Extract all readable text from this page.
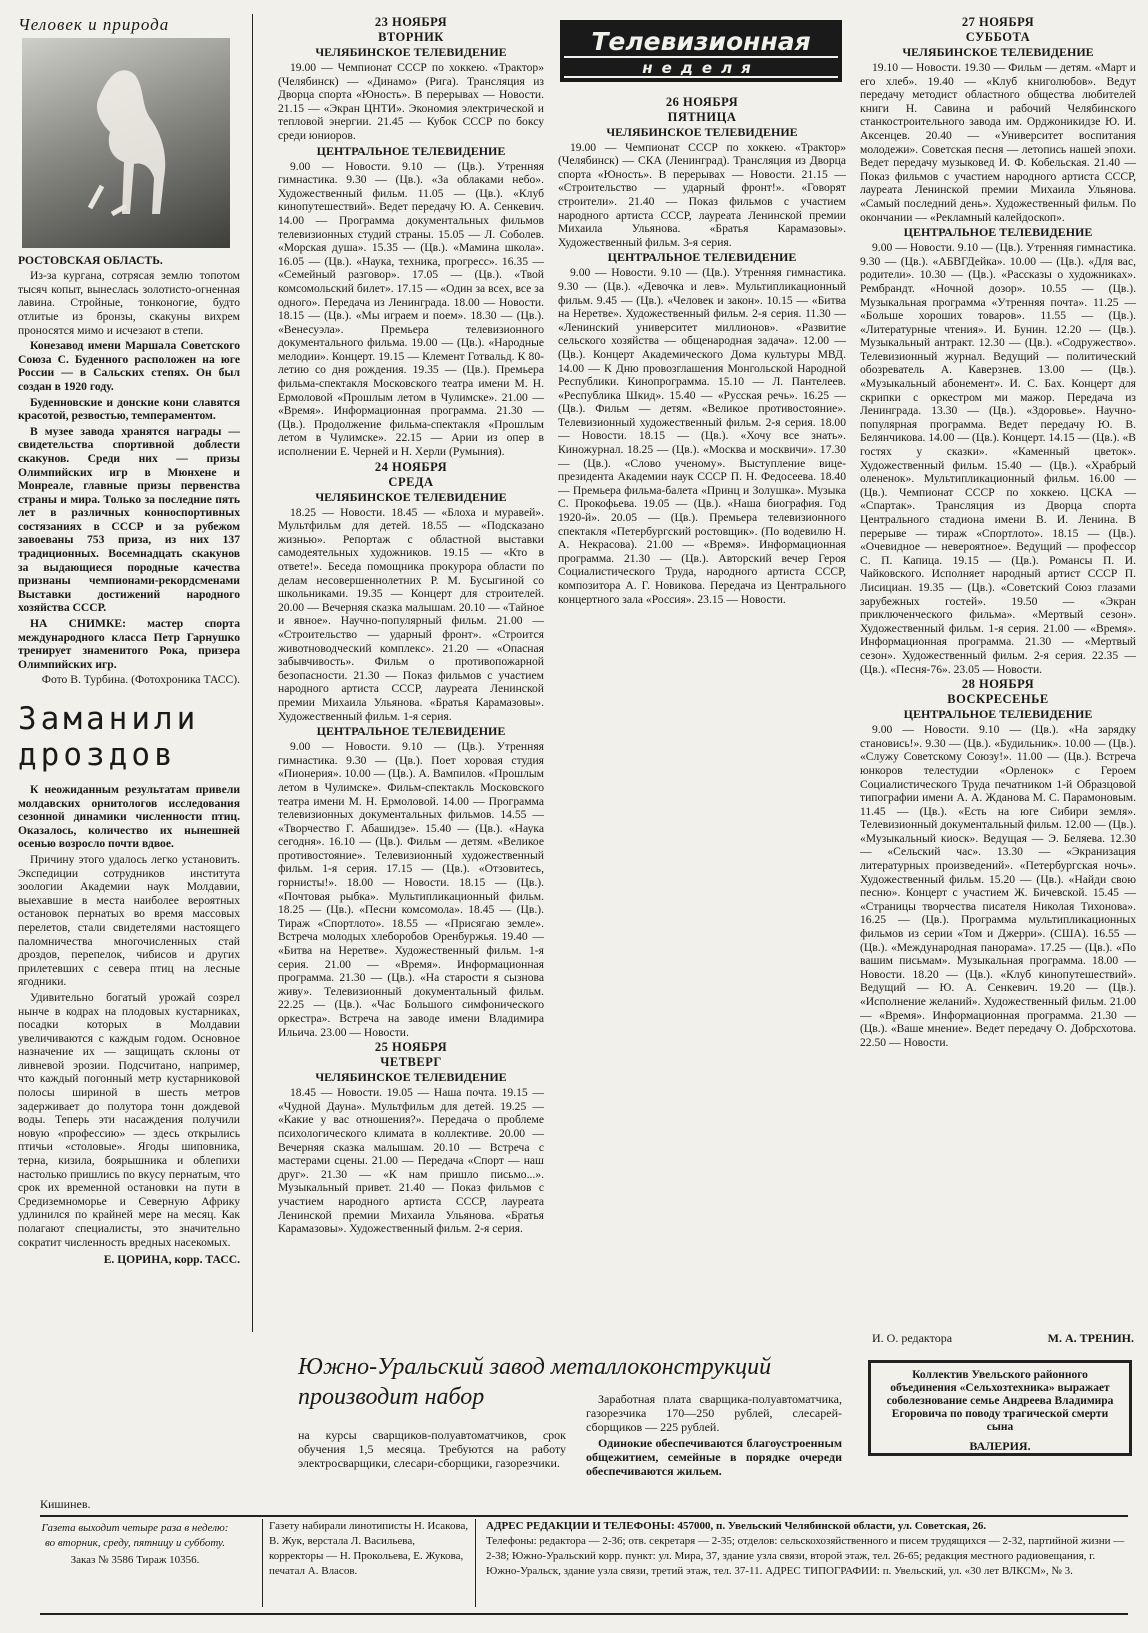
Человек и природа

РОСТОВСКАЯ ОБЛАСТЬ.

Из-за кургана, сотрясая землю топотом тысяч копыт, вынеслась золотисто-огненная лавина. Стройные, тонконогие, будто отлитые из бронзы, скакуны вихрем проносятся мимо и исчезают в степи.

Конезавод имени Маршала Советского Союза С. Буденного расположен на юге России — в Сальских степях. Он был создан в 1920 году.

Буденновские и донские кони славятся красотой, резвостью, темпераментом.

В музее завода хранятся награды — свидетельства спортивной доблести скакунов. Среди них — призы Олимпийских игр в Мюнхене и Монреале, главные призы первенства страны и мира. Только за последние пять лет в различных конноспортивных состязаниях в СССР и за рубежом завоеваны 753 приза, из них 137 традиционных. Восемнадцать скакунов за выдающиеся породные качества признаны чемпионами-рекордсменами Выставки достижений народного хозяйства СССР.

НА СНИМКЕ: мастер спорта международного класса Петр Гарнушко тренирует знаменитого Рока, призера Олимпийских игр.

Фото В. Турбина. (Фотохроника ТАСС).

Заманили дроздов

К неожиданным результатам привели молдавских орнитологов исследования сезонной динамики численности птиц. Оказалось, количество их нынешней осенью возросло почти вдвое.

Причину этого удалось легко установить. Экспедиции сотрудников института зоологии Академии наук Молдавии, выехавшие в места наиболее вероятных остановок пернатых во время массовых перелетов, стали свидетелями настоящего паломничества многочисленных стай дроздов, перепелок, чибисов и других прилетевших с севера птиц на лесные ягодники.

Удивительно богатый урожай созрел нынче в кодрах на плодовых кустарниках, посадки которых в Молдавии увеличиваются с каждым годом. Основное назначение их — защищать склоны от ливневой эрозии. Подсчитано, например, что каждый погонный метр кустарниковой полосы шириной в шесть метров задерживает до полутора тонн дождевой воды. Теперь эти насаждения получили новую «профессию» — здесь открылись птичьи «столовые». Ягоды шиповника, терна, кизила, боярышника и облепихи настолько пришлись по вкусу пернатым, что срок их временной остановки на пути в Средиземноморье и Северную Африку удлинился по крайней мере на месяц. Как полагают специалисты, это значительно сократит численность вредных насекомых.

Е. ЦОРИНА, корр. ТАСС.
Кишинев.
23 НОЯБРЯ
ВТОРНИК
ЧЕЛЯБИНСКОЕ ТЕЛЕВИДЕНИЕ

19.00 — Чемпионат СССР по хоккею. «Трактор» (Челябинск) — «Динамо» (Рига). Трансляция из Дворца спорта «Юность». В перерывах — Новости. 21.15 — «Экран ЦНТИ». Экономия электрической и тепловой энергии. 21.45 — Кубок СССР по боксу среди юниоров.

ЦЕНТРАЛЬНОЕ ТЕЛЕВИДЕНИЕ

9.00 — Новости. 9.10 — (Цв.). Утренняя гимнастика. 9.30 — (Цв.). «За облаками небо». Художественный фильм. 11.05 — (Цв.). «Клуб кинопутешествий». Ведет передачу Ю. А. Сенкевич. 14.00 — Программа документальных фильмов телевизионных студий страны. 15.05 — Л. Соболев. «Морская душа». 15.35 — (Цв.). «Мамина школа». 16.05 — (Цв.). «Наука, техника, прогресс». 16.35 — «Семейный разговор». 17.05 — (Цв.). «Твой комсомольский билет». 17.15 — «Один за всех, все за одного». Передача из Ленинграда. 18.00 — Новости. 18.15 — (Цв.). «Мы играем и поем». 18.30 — (Цв.). «Венесуэла». Премьера телевизионного документального фильма. 19.00 — (Цв.). «Народные мелодии». Концерт. 19.15 — Клемент Готвальд. К 80-летию со дня рождения. 19.35 — (Цв.). Премьера фильма-спектакля Московского театра имени М. Н. Ермоловой «Прошлым летом в Чулимске». 21.00 — «Время». Информационная программа. 21.30 — (Цв.). Продолжение фильма-спектакля «Прошлым летом в Чулимске». 22.15 — Арии из опер в исполнении Е. Черней и Н. Херли (Румыния).

24 НОЯБРЯ
СРЕДА
ЧЕЛЯБИНСКОЕ ТЕЛЕВИДЕНИЕ

18.25 — Новости. 18.45 — «Блоха и муравей». Мультфильм для детей. 18.55 — «Подсказано жизнью». Репортаж с областной выставки самодеятельных художников. 19.15 — «Кто в ответе!». Беседа помощника прокурора области по делам несовершеннолетних Р. М. Бусыгиной со школьниками. 19.35 — Концерт для строителей. 20.00 — Вечерняя сказка малышам. 20.10 — «Тайное и явное». Научно-популярный фильм. 21.00 — «Строительство — ударный фронт». «Строится животноводческий комплекс». 21.20 — «Опасная забывчивость». Фильм о противопожарной безопасности. 21.30 — Показ фильмов с участием народного артиста СССР, лауреата Ленинской премии Михаила Ульянова. «Братья Карамазовы». Художественный фильм. 1-я серия.

ЦЕНТРАЛЬНОЕ ТЕЛЕВИДЕНИЕ

9.00 — Новости. 9.10 — (Цв.). Утренняя гимнастика. 9.30 — (Цв.). Поет хоровая студия «Пионерия». 10.00 — (Цв.). А. Вампилов. «Прошлым летом в Чулимске». Фильм-спектакль Московского театра имени М. Н. Ермоловой. 14.00 — Программа телевизионных документальных фильмов. 14.55 — «Творчество Г. Абашидзе». 15.40 — (Цв.). «Наука сегодня». 16.10 — (Цв.). Фильм — детям. «Великое противостояние». Телевизионный художественный фильм. 1-я серия. 17.15 — (Цв.). «Отзовитесь, горнисты!». 18.00 — Новости. 18.15 — (Цв.). «Почтовая рыбка». Мультипликационный фильм. 18.25 — (Цв.). «Песни комсомола». 18.45 — (Цв.). Тираж «Спортлото». 18.55 — «Присягаю земле». Встреча молодых хлеборобов Оренбуржья. 19.40 — «Битва на Неретве». Художественный фильм. 1-я серия. 21.00 — «Время». Информационная программа. 21.30 — (Цв.). «На старости я сызнова живу». Телевизионный документальный фильм. 22.25 — (Цв.). «Час Большого симфонического оркестра». Встреча на заводе имени Владимира Ильича. 23.00 — Новости.

25 НОЯБРЯ
ЧЕТВЕРГ
ЧЕЛЯБИНСКОЕ ТЕЛЕВИДЕНИЕ

18.45 — Новости. 19.05 — Наша почта. 19.15 — «Чудной Дауна». Мультфильм для детей. 19.25 — «Какие у вас отношения?». Передача о проблеме психологического климата в коллективе. 20.00 — Вечерняя сказка малышам. 20.10 — Встреча с мастерами сцены. 21.00 — Передача «Спорт — наш друг». 21.30 — «К нам пришло письмо...». Музыкальный привет. 21.40 — Показ фильмов с участием народного артиста СССР, лауреата Ленинской премии Михаила Ульянова. «Братья Карамазовы». Художественный фильм. 2-я серия.

Телевизионная
неделя
26 НОЯБРЯ
ПЯТНИЦА
ЧЕЛЯБИНСКОЕ ТЕЛЕВИДЕНИЕ

19.00 — Чемпионат СССР по хоккею. «Трактор» (Челябинск) — СКА (Ленинград). Трансляция из Дворца спорта «Юность». В перерывах — Новости. 21.15 — «Строительство — ударный фронт!». «Говорят строители». 21.40 — Показ фильмов с участием народного артиста СССР, лауреата Ленинской премии Михаила Ульянова. «Братья Карамазовы». Художественный фильм. 3-я серия.

ЦЕНТРАЛЬНОЕ ТЕЛЕВИДЕНИЕ

9.00 — Новости. 9.10 — (Цв.). Утренняя гимнастика. 9.30 — (Цв.). «Девочка и лев». Мультипликационный фильм. 9.45 — (Цв.). «Человек и закон». 10.15 — «Битва на Неретве». Художественный фильм. 2-я серия. 11.30 — «Ленинский университет миллионов». «Развитие сельского хозяйства — общенародная задача». 12.00 — (Цв.). Концерт Академического Дома культуры МВД. 14.00 — К Дню провозглашения Монгольской Народной Республики. Кинопрограмма. 15.10 — Л. Пантелеев. «Республика Шкид». 15.40 — «Русская речь». 16.25 — (Цв.). Фильм — детям. «Великое противостояние». Телевизионный художественный фильм. 2-я серия. 18.00 — Новости. 18.15 — (Цв.). «Хочу все знать». Киножурнал. 18.25 — (Цв.). «Москва и москвичи». 17.30 — (Цв.). «Слово ученому». Выступление вице-президента Академии наук СССР П. Н. Федосеева. 18.40 — Премьера фильма-балета «Принц и Золушка». Музыка С. Прокофьева. 19.05 — (Цв.). «Наша биография. Год 1920-й». 20.05 — (Цв.). Премьера телевизионного спектакля «Петербургский ростовщик». (По водевилю Н. А. Некрасова). 21.00 — «Время». Информационная программа. 21.30 — (Цв.). Авторский вечер Героя Социалистического Труда, народного артиста СССР, композитора А. Г. Новикова. Передача из Центрального концертного зала «Россия». 23.15 — Новости.

27 НОЯБРЯ
СУББОТА
ЧЕЛЯБИНСКОЕ ТЕЛЕВИДЕНИЕ

19.10 — Новости. 19.30 — Фильм — детям. «Март и его хлеб». 19.40 — «Клуб книголюбов». Ведут передачу методист областного общества любителей книги Н. Савина и рабочий Челябинского станкостроительного завода им. Орджоникидзе Ю. И. Аксенцев. 20.40 — «Университет воспитания молодежи». Советская песня — летопись нашей эпохи. Ведет передачу музыковед И. Ф. Кобельская. 21.40 — Показ фильмов с участием народного артиста СССР, лауреата Ленинской премии Михаила Ульянова. «Самый последний день». Художественный фильм. По окончании — «Рекламный калейдоскоп».

ЦЕНТРАЛЬНОЕ ТЕЛЕВИДЕНИЕ

9.00 — Новости. 9.10 — (Цв.). Утренняя гимнастика. 9.30 — (Цв.). «АБВГДейка». 10.00 — (Цв.). «Для вас, родители». 10.30 — (Цв.). «Рассказы о художниках». Рембрандт. «Ночной дозор». 10.55 — (Цв.). Музыкальная программа «Утренняя почта». 11.25 — «Больше хороших товаров». 11.55 — (Цв.). «Литературные чтения». И. Бунин. 12.20 — (Цв.). Музыкальный антракт. 12.30 — (Цв.). «Содружество». Телевизионный журнал. Ведущий — политический обозреватель А. Каверзнев. 13.00 — (Цв.). «Музыкальный абонемент». И. С. Бах. Концерт для скрипки с оркестром ми мажор. Передача из Ленинграда. 13.30 — (Цв.). «Здоровье». Научно-популярная программа. Ведет передачу Ю. В. Белянчикова. 14.00 — (Цв.). Концерт. 14.15 — (Цв.). «В гостях у сказки». «Каменный цветок». Художественный фильм. 15.40 — (Цв.). «Храбрый олененок». Мультипликационный фильм. 16.00 — (Цв.). Чемпионат СССР по хоккею. ЦСКА — «Спартак». Трансляция из Дворца спорта Центрального стадиона имени В. И. Ленина. В перерыве — тираж «Спортлото». 18.15 — (Цв.). «Очевидное — невероятное». Ведущий — профессор С. П. Капица. 19.15 — (Цв.). Романсы П. И. Чайковского. Исполняет народный артист СССР П. Лисициан. 19.35 — (Цв.). «Советский Союз глазами зарубежных гостей». 19.50 — «Экран приключенческого фильма». «Мертвый сезон». Художественный фильм. 1-я серия. 21.00 — «Время». Информационная программа. 21.30 — «Мертвый сезон». Художественный фильм. 2-я серия. 22.35 — (Цв.). «Песня-76». 23.05 — Новости.

28 НОЯБРЯ
ВОСКРЕСЕНЬЕ
ЦЕНТРАЛЬНОЕ ТЕЛЕВИДЕНИЕ

9.00 — Новости. 9.10 — (Цв.). «На зарядку становись!». 9.30 — (Цв.). «Будильник». 10.00 — (Цв.). «Служу Советскому Союзу!». 11.00 — (Цв.). Встреча юнкоров телестудии «Орленок» с Героем Социалистического Труда печатником 1-й Образцовой типографии имени А. А. Жданова М. С. Парамоновым. 11.45 — (Цв.). «Есть на юге Сибири земля». Телевизионный документальный фильм. 12.00 — (Цв.). «Музыкальный киоск». Ведущая — Э. Беляева. 12.30 — «Сельский час». 13.30 — «Экранизация литературных произведений». «Петербургская ночь». Художественный фильм. 15.20 — (Цв.). «Найди свою песню». Концерт с участием Ж. Бичевской. 15.45 — «Страницы творчества писателя Николая Тихонова». 16.25 — (Цв.). Программа мультипликационных фильмов из серии «Том и Джерри». (США). 16.55 — (Цв.). «Международная панорама». 17.25 — (Цв.). «По вашим письмам». Музыкальная программа. 18.00 — Новости. 18.20 — (Цв.). «Клуб кинопутешествий». Ведущий — Ю. А. Сенкевич. 19.20 — (Цв.). «Исполнение желаний». Художественный фильм. 21.00 — «Время». Информационная программа. 21.30 — (Цв.). «Ваше мнение». Ведет передачу О. Добрсхотова. 22.50 — Новости.

И. О. редактора	М. А. ТРЕНИН.
Южно-Уральский завод металлоконструкций производит набор
на курсы сварщиков-полуавтоматчиков, срок обучения 1,5 месяца. Требуются на работу электросварщики, слесари-сборщики, газорезчики.

Заработная плата сварщика-полуавтоматчика, газорезчика 170—250 рублей, слесарей-сборщиков — 225 рублей.

Одинокие обеспечиваются благоустроенным общежитием, семейные в порядке очереди обеспечиваются жильем.

Коллектив Увельского районного объединения «Сельхозтехника» выражает соболезнование семье Андреева Владимира Егоровича по поводу трагической смерти сына
ВАЛЕРИЯ.
Газета выходит четыре раза в неделю: во вторник, среду, пятницу и субботу.
Заказ № 3586 Тираж 10356.
Газету набирали линотиписты Н. Исакова, В. Жук, верстала Л. Васильева, корректоры — Н. Прокольева, Е. Жукова, печатал А. Власов.
АДРЕС РЕДАКЦИИ И ТЕЛЕФОНЫ: 457000, п. Увельский Челябинской области, ул. Советская, 26.
Телефоны: редактора — 2-36; отв. секретаря — 2-35; отделов: сельскохозяйственного и писем трудящихся — 2-32, партийной жизни — 2-38; Южно-Уральский корр. пункт: ул. Мира, 37, здание узла связи, второй этаж, тел. 26-65; редакция местного радиовещания, г. Южно-Уральск, здание узла связи, третий этаж, тел. 37-11. АДРЕС ТИПОГРАФИИ: п. Увельский, ул. «30 лет ВЛКСМ», № 3.
